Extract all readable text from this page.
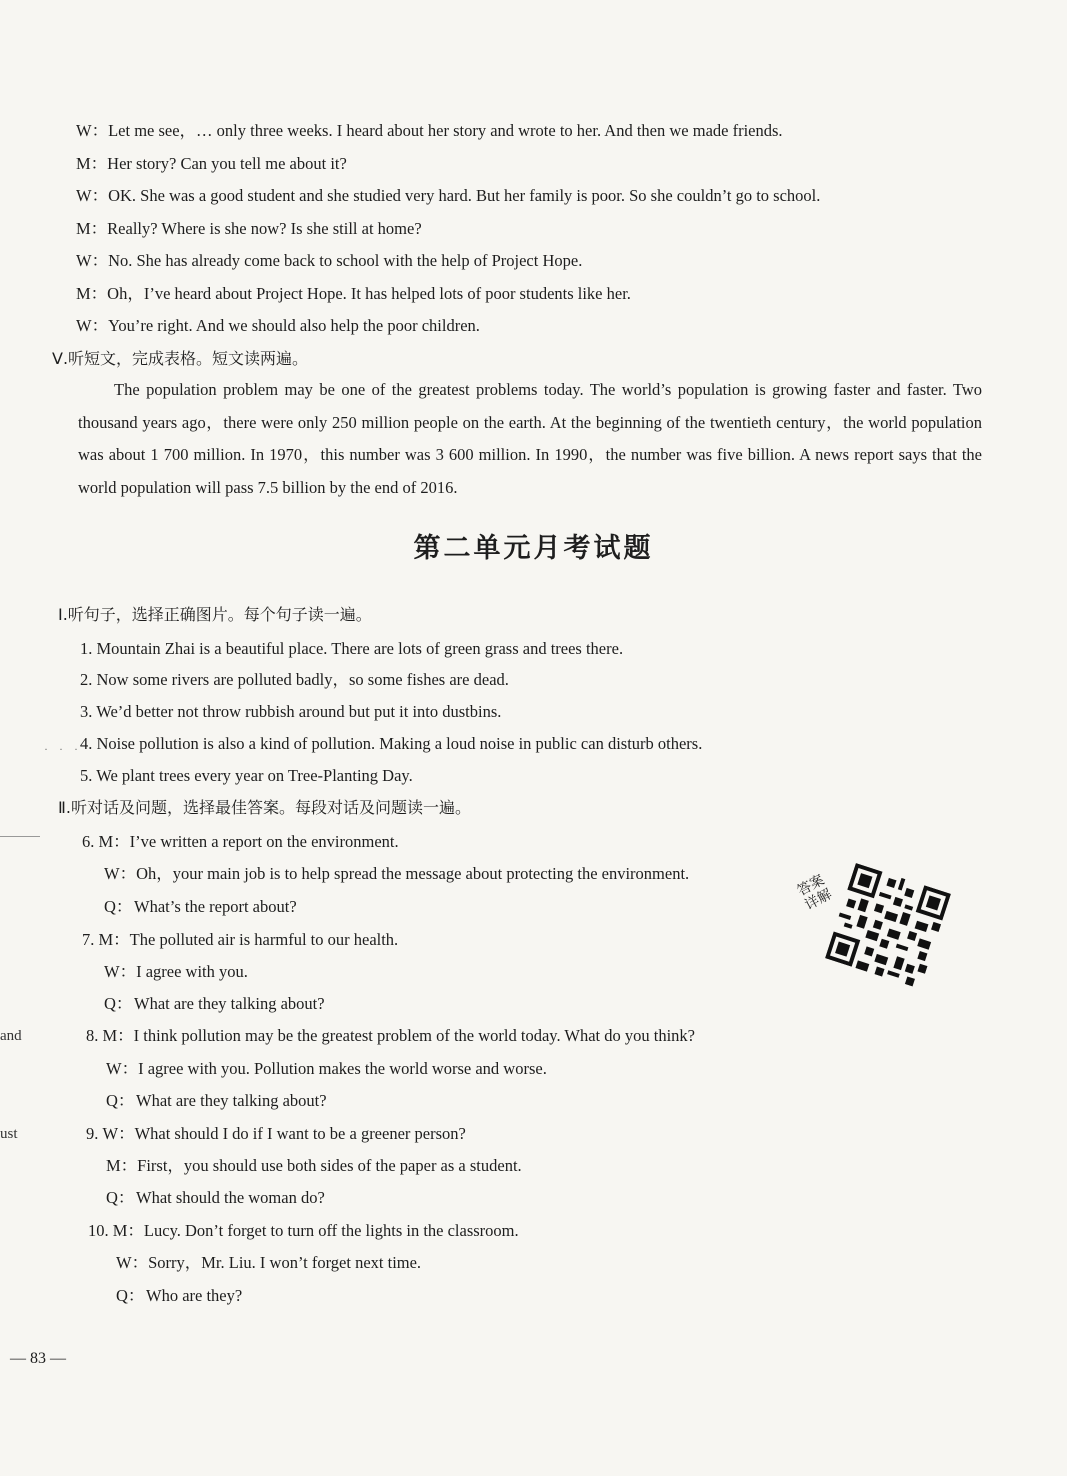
W：Let me see，… only three weeks. I heard about her story and wrote to her. And then we made friends.
M：Her story? Can you tell me about it?
W：OK. She was a good student and she studied very hard. But her family is poor. So she couldn’t go to school.
M：Really? Where is she now? Is she still at home?
W：No. She has already come back to school with the help of Project Hope.
M：Oh，I’ve heard about Project Hope. It has helped lots of poor students like her.
W：You’re right. And we should also help the poor children.
Ⅴ.听短文，完成表格。短文读两遍。
The population problem may be one of the greatest problems today. The world’s population is growing faster and faster. Two thousand years ago，there were only 250 million people on the earth. At the beginning of the twentieth century，the world population was about 1 700 million. In 1970，this number was 3 600 million. In 1990，the number was five billion. A news report says that the world population will pass 7.5 billion by the end of 2016.
第二单元月考试题
Ⅰ.听句子，选择正确图片。每个句子读一遍。
1. Mountain Zhai is a beautiful place. There are lots of green grass and trees there.
2. Now some rivers are polluted badly，so some fishes are dead.
3. We’d better not throw rubbish around but put it into dustbins.
· · ·
4. Noise pollution is also a kind of pollution. Making a loud noise in public can disturb others.
5. We plant trees every year on Tree-Planting Day.
Ⅱ.听对话及问题，选择最佳答案。每段对话及问题读一遍。
6. M：I’ve written a report on the environment.
W：Oh，your main job is to help spread the message about protecting the environment.
Q：What’s the report about?
7. M：The polluted air is harmful to our health.
W：I agree with you.
Q：What are they talking about?
8. M：I think pollution may be the greatest problem of the world today. What do you think?
W：I agree with you. Pollution makes the world worse and worse.
Q：What are they talking about?
9. W：What should I do if I want to be a greener person?
M：First，you should use both sides of the paper as a student.
Q：What should the woman do?
10. M：Lucy. Don’t forget to turn off the lights in the classroom.
W：Sorry，Mr. Liu. I won’t forget next time.
Q：Who are they?
答案详解
and
ust
— 83 —
